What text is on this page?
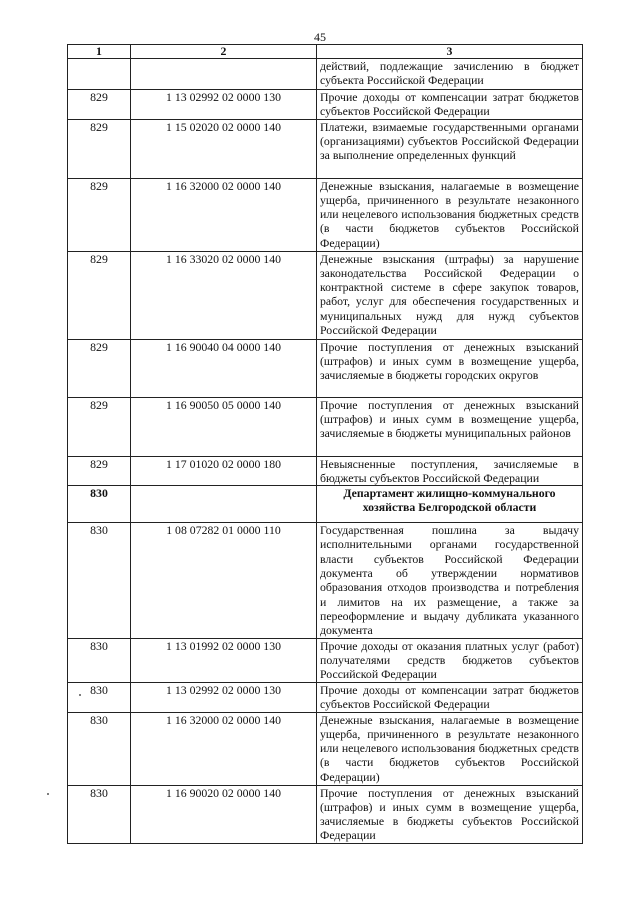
45
1	2	3
		действий, подлежащие зачислению в бюджет субъекта Российской Федерации
829	1 13 02992 02 0000 130	Прочие доходы от компенсации затрат бюджетов субъектов Российской Федерации
829	1 15 02020 02 0000 140	Платежи, взимаемые государственными органами (организациями) субъектов Российской Федерации за выполнение определенных функций
829	1 16 32000 02 0000 140	Денежные взыскания, налагаемые в возмещение ущерба, причиненного в результате незаконного или нецелевого использования бюджетных средств (в части бюджетов субъектов Российской Федерации)
829	1 16 33020 02 0000 140	Денежные взыскания (штрафы) за нарушение законодательства Российской Федерации о контрактной системе в сфере закупок товаров, работ, услуг для обеспечения государственных и муниципальных нужд для нужд субъектов Российской Федерации
829	1 16 90040 04 0000 140	Прочие поступления от денежных взысканий (штрафов) и иных сумм в возмещение ущерба, зачисляемые в бюджеты городских округов
829	1 16 90050 05 0000 140	Прочие поступления от денежных взысканий (штрафов) и иных сумм в возмещение ущерба, зачисляемые в бюджеты муниципальных районов
829	1 17 01020 02 0000 180	Невыясненные поступления, зачисляемые в бюджеты субъектов Российской Федерации
830		Департамент жилищно-коммунального хозяйства Белгородской области
830	1 08 07282 01 0000 110	Государственная пошлина за выдачу исполнительными органами государственной власти субъектов Российской Федерации документа об утверждении нормативов образования отходов производства и потребления и лимитов на их размещение, а также за переоформление и выдачу дубликата указанного документа
830	1 13 01992 02 0000 130	Прочие доходы от оказания платных услуг (работ) получателями средств бюджетов субъектов Российской Федерации
830	1 13 02992 02 0000 130	Прочие доходы от компенсации затрат бюджетов субъектов Российской Федерации
830	1 16 32000 02 0000 140	Денежные взыскания, налагаемые в возмещение ущерба, причиненного в результате незаконного или нецелевого использования бюджетных средств (в части бюджетов субъектов Российской Федерации)
830	1 16 90020 02 0000 140	Прочие поступления от денежных взысканий (штрафов) и иных сумм в возмещение ущерба, зачисляемые в бюджеты субъектов Российской Федерации
